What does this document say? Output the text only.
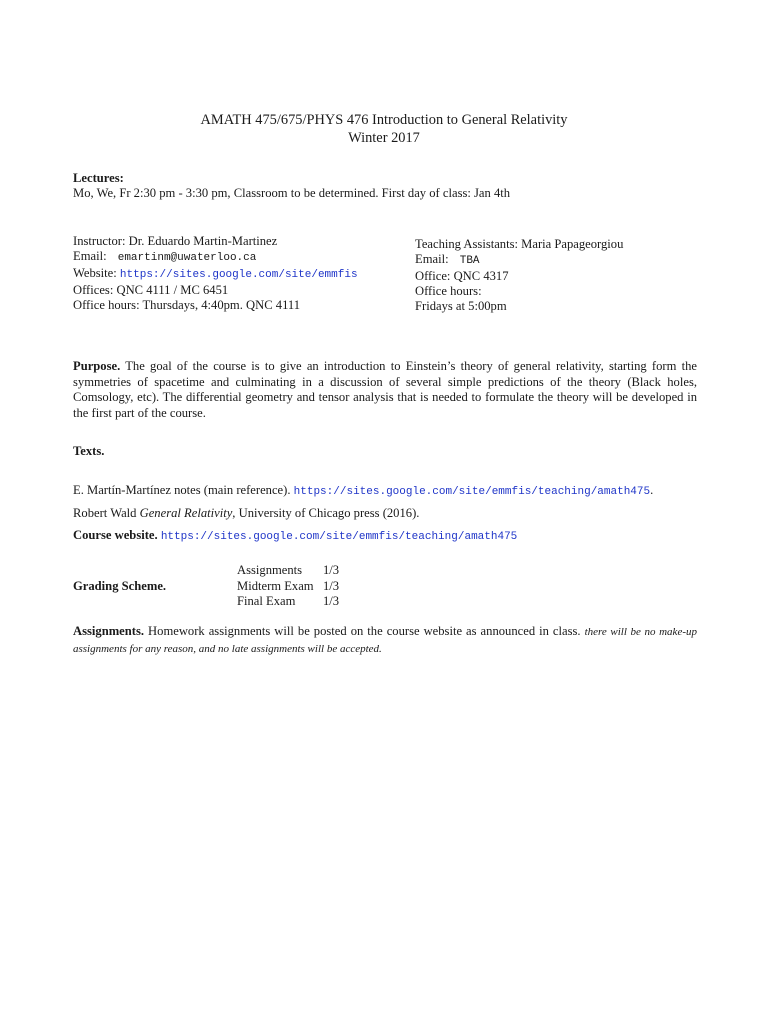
AMATH 475/675/PHYS 476 Introduction to General Relativity
Winter 2017
Lectures:
Mo, We, Fr 2:30 pm - 3:30 pm, Classroom to be determined. First day of class: Jan 4th
Instructor: Dr. Eduardo Martin-Martinez
Email: emartinm@uwaterloo.ca
Website: https://sites.google.com/site/emmfis
Offices: QNC 4111 / MC 6451
Office hours: Thursdays, 4:40pm. QNC 4111
Teaching Assistants: Maria Papageorgiou
Email: TBA
Office: QNC 4317
Office hours:
Fridays at 5:00pm
Purpose. The goal of the course is to give an introduction to Einstein’s theory of general relativity, starting form the symmetries of spacetime and culminating in a discussion of several simple predictions of the theory (Black holes, Comsology, etc). The differential geometry and tensor analysis that is needed to formulate the theory will be developed in the first part of the course.
Texts.
E. Martín-Martínez notes (main reference). https://sites.google.com/site/emmfis/teaching/amath475.
Robert Wald General Relativity, University of Chicago press (2016).
Course website. https://sites.google.com/site/emmfis/teaching/amath475
Grading Scheme.
Assignments	1/3
Midterm Exam	1/3
Final Exam	1/3
Assignments. Homework assignments will be posted on the course website as announced in class. there will be no make-up assignments for any reason, and no late assignments will be accepted.
